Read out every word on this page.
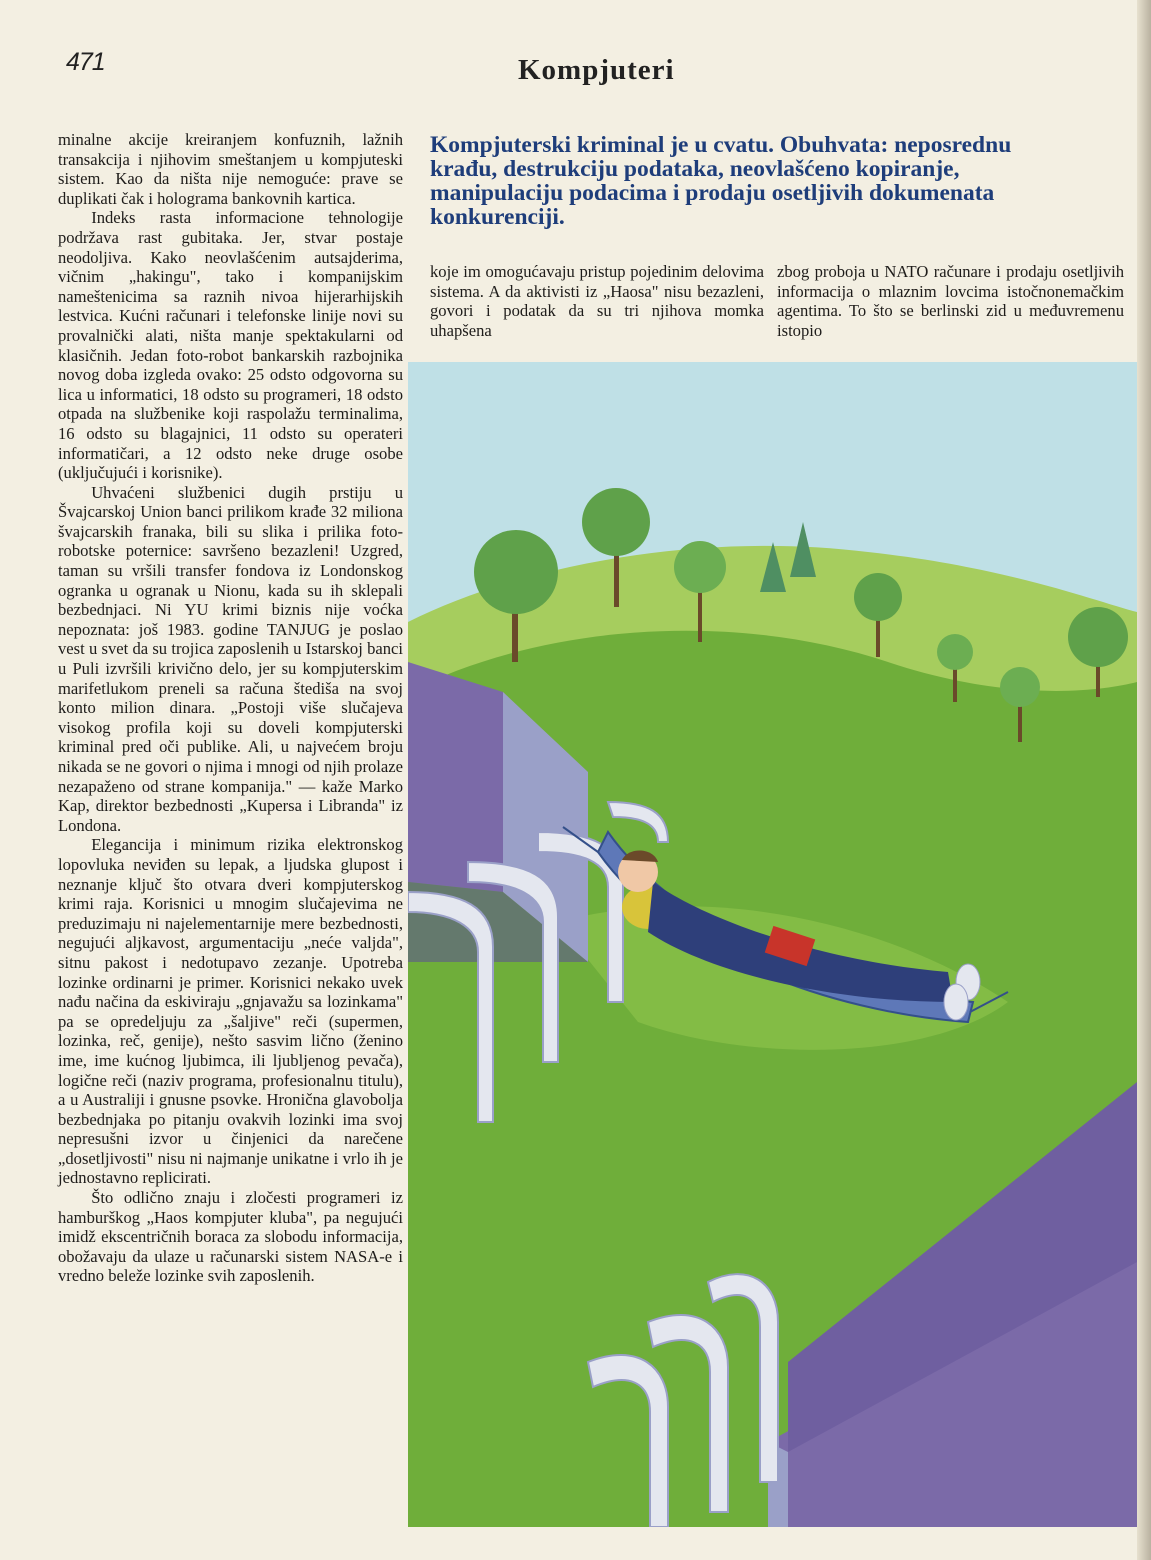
471	Kompjuteri

minalne akcije kreiranjem konfuznih, lažnih transakcija i njihovim smeštanjem u kompjuteski sistem. Kao da ništa nije nemoguće: prave se duplikati čak i holograma bankovnih kartica.

Indeks rasta informacione tehnologije podržava rast gubitaka. Jer, stvar postaje neodoljiva. Kako neovlašćenim autsajderima, vičnim „hakingu", tako i kompanijskim nameštenicima sa raznih nivoa hijerarhijskih lestvica. Kućni računari i telefonske linije novi su provalnički alati, ništa manje spektakularni od klasičnih. Jedan foto-robot bankarskih razbojnika novog doba izgleda ovako: 25 odsto odgovorna su lica u informatici, 18 odsto su programeri, 18 odsto otpada na službenike koji raspolažu terminalima, 16 odsto su blagajnici, 11 odsto su operateri informatičari, a 12 odsto neke druge osobe (uključujući i korisnike).

Uhvaćeni službenici dugih prstiju u Švajcarskoj Union banci prilikom krađe 32 miliona švajcarskih franaka, bili su slika i prilika foto-robotske poternice: savršeno bezazleni! Uzgred, taman su vršili transfer fondova iz Londonskog ogranka u ogranak u Nionu, kada su ih sklepali bezbednjaci. Ni YU krimi biznis nije voćka nepoznata: još 1983. godine TANJUG je poslao vest u svet da su trojica zaposlenih u Istarskoj banci u Puli izvršili krivično delo, jer su kompjuterskim marifetlukom preneli sa računa štediša na svoj konto milion dinara. „Postoji više slučajeva visokog profila koji su doveli kompjuterski kriminal pred oči publike. Ali, u najvećem broju nikada se ne govori o njima i mnogi od njih prolaze nezapaženo od strane kompanija." — kaže Marko Kap, direktor bezbednosti „Kupersa i Libranda" iz Londona.

Elegancija i minimum rizika elektronskog lopovluka neviđen su lepak, a ljudska glupost i neznanje ključ što otvara dveri kompjuterskog krimi raja. Korisnici u mnogim slučajevima ne preduzimaju ni najelementarnije mere bezbednosti, negujući aljkavost, argumentaciju „neće valjda", sitnu pakost i nedotupavo zezanje. Upotreba lozinke ordinarni je primer. Korisnici nekako uvek nađu načina da eskiviraju „gnjavažu sa lozinkama" pa se opredeljuju za „šaljive" reči (supermen, lozinka, reč, genije), nešto sasvim lično (ženino ime, ime kućnog ljubimca, ili ljubljenog pevača), logične reči (naziv programa, profesionalnu titulu), a u Australiji i gnusne psovke. Hronična glavobolja bezbednjaka po pitanju ovakvih lozinki ima svoj nepresušni izvor u činjenici da narečene „dosetljivosti" nisu ni najmanje unikatne i vrlo ih je jednostavno replicirati.

Što odlično znaju i zločesti programeri iz hamburškog „Haos kompjuter kluba", pa negujući imidž ekscentričnih boraca za slobodu informacija, obožavaju da ulaze u računarski sistem NASA-e i vredno beleže lozinke svih zaposlenih.

Kompjuterski kriminal je u cvatu. Obuhvata: neposrednu krađu, destrukciju podataka, neovlašćeno kopiranje, manipulaciju podacima i prodaju osetljivih dokumenata konkurenciji.

koje im omogućavaju pristup pojedinim delovima sistema. A da aktivisti iz „Haosa" nisu bezazleni, govori i podatak da su tri njihova momka uhapšena

zbog proboja u NATO računare i prodaju osetljivih informacija o mlaznim lovcima istočnonemačkim agentima. To što se berlinski zid u međuvremenu istopio
